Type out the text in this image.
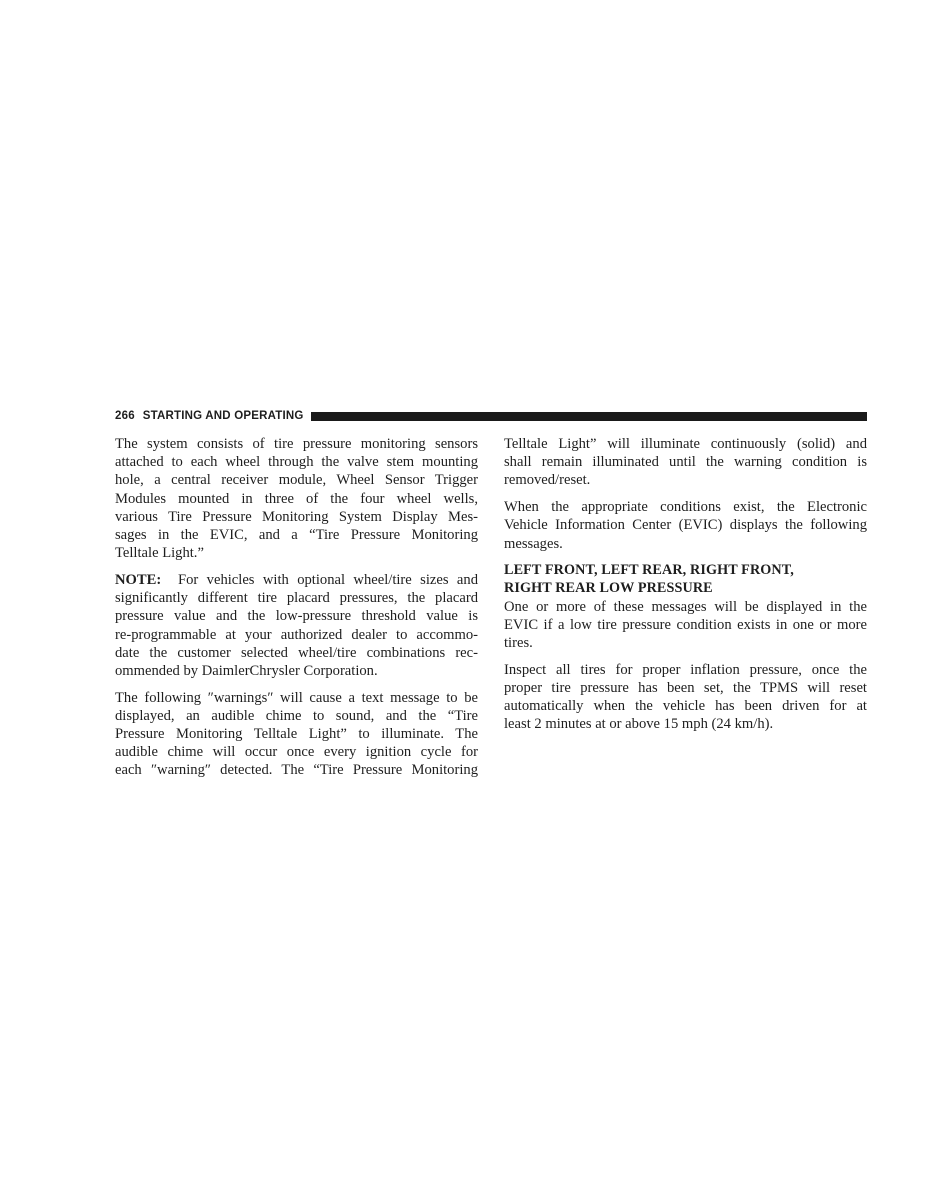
266 STARTING AND OPERATING

The system consists of tire pressure monitoring sensors
attached to each wheel through the valve stem mounting
hole, a central receiver module, Wheel Sensor Trigger
Modules mounted in three of the four wheel wells,
various Tire Pressure Monitoring System Display Mes-
sages in the EVIC, and a “Tire Pressure Monitoring
Telltale Light.”

NOTE: For vehicles with optional wheel/tire sizes and
significantly different tire placard pressures, the placard
pressure value and the low-pressure threshold value is
re-programmable at your authorized dealer to accommo-
date the customer selected wheel/tire combinations rec-
ommended by DaimlerChrysler Corporation.

The following ″warnings″ will cause a text message to be
displayed, an audible chime to sound, and the “Tire
Pressure Monitoring Telltale Light” to illuminate. The
audible chime will occur once every ignition cycle for
each ″warning″ detected. The “Tire Pressure Monitoring

Telltale Light” will illuminate continuously (solid) and
shall remain illuminated until the warning condition is
removed/reset.

When the appropriate conditions exist, the Electronic
Vehicle Information Center (EVIC) displays the following
messages.

LEFT FRONT, LEFT REAR, RIGHT FRONT,
RIGHT REAR LOW PRESSURE

One or more of these messages will be displayed in the
EVIC if a low tire pressure condition exists in one or more
tires.

Inspect all tires for proper inflation pressure, once the
proper tire pressure has been set, the TPMS will reset
automatically when the vehicle has been driven for at
least 2 minutes at or above 15 mph (24 km/h).
